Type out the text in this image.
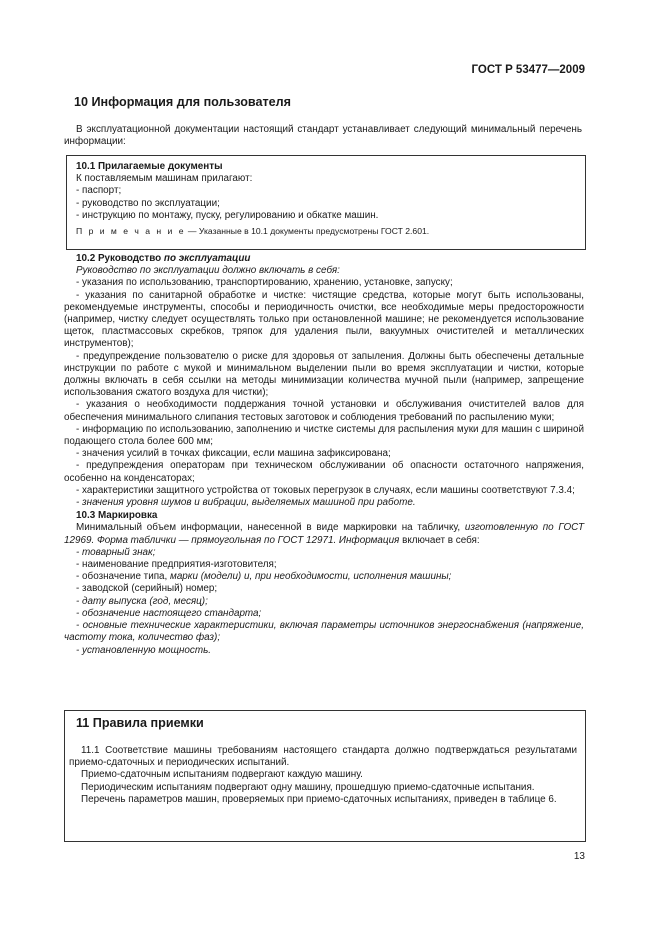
ГОСТ Р 53477—2009
10 Информация для пользователя
В эксплуатационной документации настоящий стандарт устанавливает следующий минимальный перечень информации:
10.1 Прилагаемые документы
К поставляемым машинам прилагают:
- паспорт;
- руководство по эксплуатации;
- инструкцию по монтажу, пуску, регулированию и обкатке машин.
П р и м е ч а н и е — Указанные в 10.1 документы предусмотрены ГОСТ 2.601.
10.2 Руководство по эксплуатации
Руководство по эксплуатации должно включать в себя:
- указания по использованию, транспортированию, хранению, установке, запуску;
- указания по санитарной обработке и чистке: чистящие средства, которые могут быть использованы, рекомендуемые инструменты, способы и периодичность очистки, все необходимые меры предосторожности (например, чистку следует осуществлять только при остановленной машине; не рекомендуется использование щеток, пластмассовых скребков, тряпок для удаления пыли, вакуумных очистителей и металлических инструментов);
- предупреждение пользователю о риске для здоровья от запыления. Должны быть обеспечены детальные инструкции по работе с мукой и минимальном выделении пыли во время эксплуатации и чистки, которые должны включать в себя ссылки на методы минимизации количества мучной пыли (например, запрещение использования сжатого воздуха для чистки);
- указания о необходимости поддержания точной установки и обслуживания очистителей валов для обеспечения минимального слипания тестовых заготовок и соблюдения требований по распылению муки;
- информацию по использованию, заполнению и чистке системы для распыления муки для машин с шириной подающего стола более 600 мм;
- значения усилий в точках фиксации, если машина зафиксирована;
- предупреждения операторам при техническом обслуживании об опасности остаточного напряжения, особенно на конденсаторах;
- характеристики защитного устройства от токовых перегрузок в случаях, если машины соответствуют 7.3.4;
- значения уровня шумов и вибрации, выделяемых машиной при работе.
10.3 Маркировка
Минимальный объем информации, нанесенной в виде маркировки на табличку, изготовленную по ГОСТ 12969. Форма таблички — прямоугольная по ГОСТ 12971. Информация включает в себя:
- товарный знак;
- наименование предприятия-изготовителя;
- обозначение типа, марки (модели) и, при необходимости, исполнения машины;
- заводской (серийный) номер;
- дату выпуска (год, месяц);
- обозначение настоящего стандарта;
- основные технические характеристики, включая параметры источников энергоснабжения (напряжение, частоту тока, количество фаз);
- установленную мощность.
11 Правила приемки
11.1 Соответствие машины требованиям настоящего стандарта должно подтверждаться результатами приемо-сдаточных и периодических испытаний.
Приемо-сдаточным испытаниям подвергают каждую машину.
Периодическим испытаниям подвергают одну машину, прошедшую приемо-сдаточные испытания.
Перечень параметров машин, проверяемых при приемо-сдаточных испытаниях, приведен в таблице 6.
13
